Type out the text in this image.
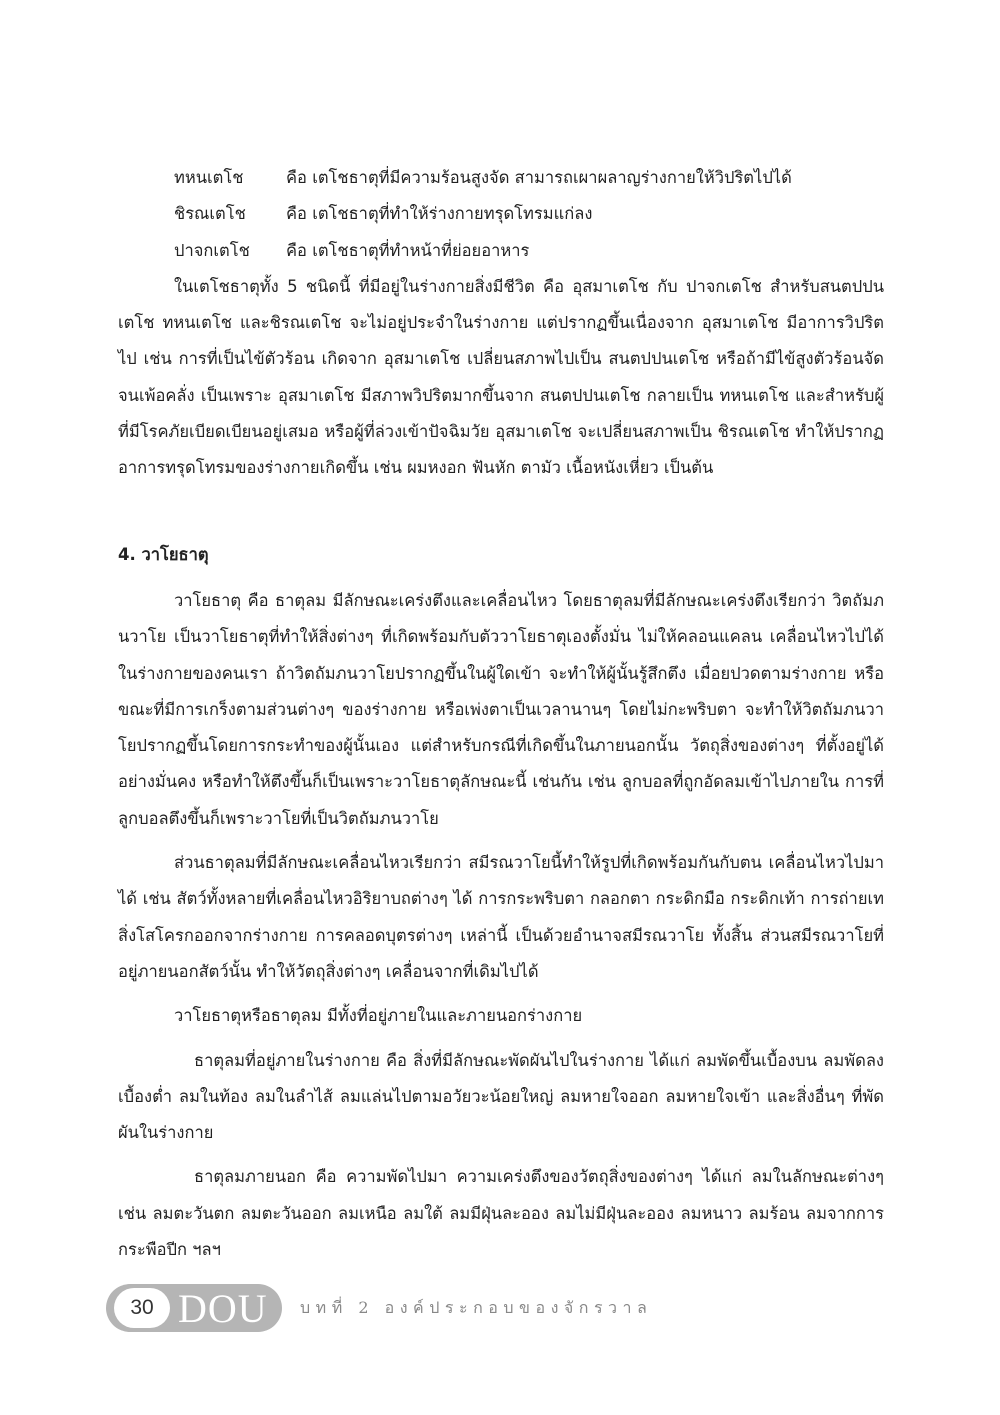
ทหนเตโช	คือ เตโชธาตุที่มีความร้อนสูงจัด สามารถเผาผลาญร่างกายให้วิปริตไปได้
ชิรณเตโช	คือ เตโชธาตุที่ทำให้ร่างกายทรุดโทรมแก่ลง
ปาจกเตโช	คือ เตโชธาตุที่ทำหน้าที่ย่อยอาหาร

ในเตโชธาตุทั้ง 5 ชนิดนี้ ที่มีอยู่ในร่างกายสิ่งมีชีวิต คือ อุสมาเตโช กับ ปาจกเตโช สำหรับสนตปปนเตโช ทหนเตโช และชิรณเตโช จะไม่อยู่ประจำในร่างกาย แต่ปรากฏขึ้นเนื่องจาก อุสมาเตโช มีอาการวิปริตไป เช่น การที่เป็นไข้ตัวร้อน เกิดจาก อุสมาเตโช เปลี่ยนสภาพไปเป็น สนตปปนเตโช หรือถ้ามีไข้สูงตัวร้อนจัดจนเพ้อคลั่ง เป็นเพราะ อุสมาเตโช มีสภาพวิปริตมากขึ้นจาก สนตปปนเตโช กลายเป็น ทหนเตโช และสำหรับผู้ที่มีโรคภัยเบียดเบียนอยู่เสมอ หรือผู้ที่ล่วงเข้าปัจฉิมวัย อุสมาเตโช จะเปลี่ยนสภาพเป็น ชิรณเตโช ทำให้ปรากฏอาการทรุดโทรมของร่างกายเกิดขึ้น เช่น ผมหงอก ฟันหัก ตามัว เนื้อหนังเหี่ยว เป็นต้น

4. วาโยธาตุ

วาโยธาตุ คือ ธาตุลม มีลักษณะเคร่งตึงและเคลื่อนไหว โดยธาตุลมที่มีลักษณะเคร่งตึงเรียกว่า วิตถัมภนวาโย เป็นวาโยธาตุที่ทำให้สิ่งต่างๆ ที่เกิดพร้อมกับตัววาโยธาตุเองตั้งมั่น ไม่ให้คลอนแคลน เคลื่อนไหวไปได้ ในร่างกายของคนเรา ถ้าวิตถัมภนวาโยปรากฏขึ้นในผู้ใดเข้า จะทำให้ผู้นั้นรู้สึกตึง เมื่อยปวดตามร่างกาย หรือขณะที่มีการเกร็งตามส่วนต่างๆ ของร่างกาย หรือเพ่งตาเป็นเวลานานๆ โดยไม่กะพริบตา จะทำให้วิตถัมภนวาโยปรากฏขึ้นโดยการกระทำของผู้นั้นเอง แต่สำหรับกรณีที่เกิดขึ้นในภายนอกนั้น วัตถุสิ่งของต่างๆ ที่ตั้งอยู่ได้อย่างมั่นคง หรือทำให้ตึงขึ้นก็เป็นเพราะวาโยธาตุลักษณะนี้ เช่นกัน เช่น ลูกบอลที่ถูกอัดลมเข้าไปภายใน การที่ลูกบอลตึงขึ้นก็เพราะวาโยที่เป็นวิตถัมภนวาโย

ส่วนธาตุลมที่มีลักษณะเคลื่อนไหวเรียกว่า สมีรณวาโยนี้ทำให้รูปที่เกิดพร้อมกันกับตน เคลื่อนไหวไปมาได้ เช่น สัตว์ทั้งหลายที่เคลื่อนไหวอิริยาบถต่างๆ ได้ การกระพริบตา กลอกตา กระดิกมือ กระดิกเท้า การถ่ายเทสิ่งโสโครกออกจากร่างกาย การคลอดบุตรต่างๆ เหล่านี้ เป็นด้วยอำนาจสมีรณวาโย ทั้งสิ้น ส่วนสมีรณวาโยที่อยู่ภายนอกสัตว์นั้น ทำให้วัตถุสิ่งต่างๆ เคลื่อนจากที่เดิมไปได้

วาโยธาตุหรือธาตุลม มีทั้งที่อยู่ภายในและภายนอกร่างกาย

ธาตุลมที่อยู่ภายในร่างกาย คือ สิ่งที่มีลักษณะพัดผันไปในร่างกาย ได้แก่ ลมพัดขึ้นเบื้องบน ลมพัดลงเบื้องต่ำ ลมในท้อง ลมในลำไส้ ลมแล่นไปตามอวัยวะน้อยใหญ่ ลมหายใจออก ลมหายใจเข้า และสิ่งอื่นๆ ที่พัดผันในร่างกาย

ธาตุลมภายนอก คือ ความพัดไปมา ความเคร่งตึงของวัตถุสิ่งของต่างๆ ได้แก่ ลมในลักษณะต่างๆ เช่น ลมตะวันตก ลมตะวันออก ลมเหนือ ลมใต้ ลมมีฝุ่นละออง ลมไม่มีฝุ่นละออง ลมหนาว ลมร้อน ลมจากการกระพือปีก ฯลฯ

30 DOU บทที่ 2 องค์ประกอบของจักรวาล
